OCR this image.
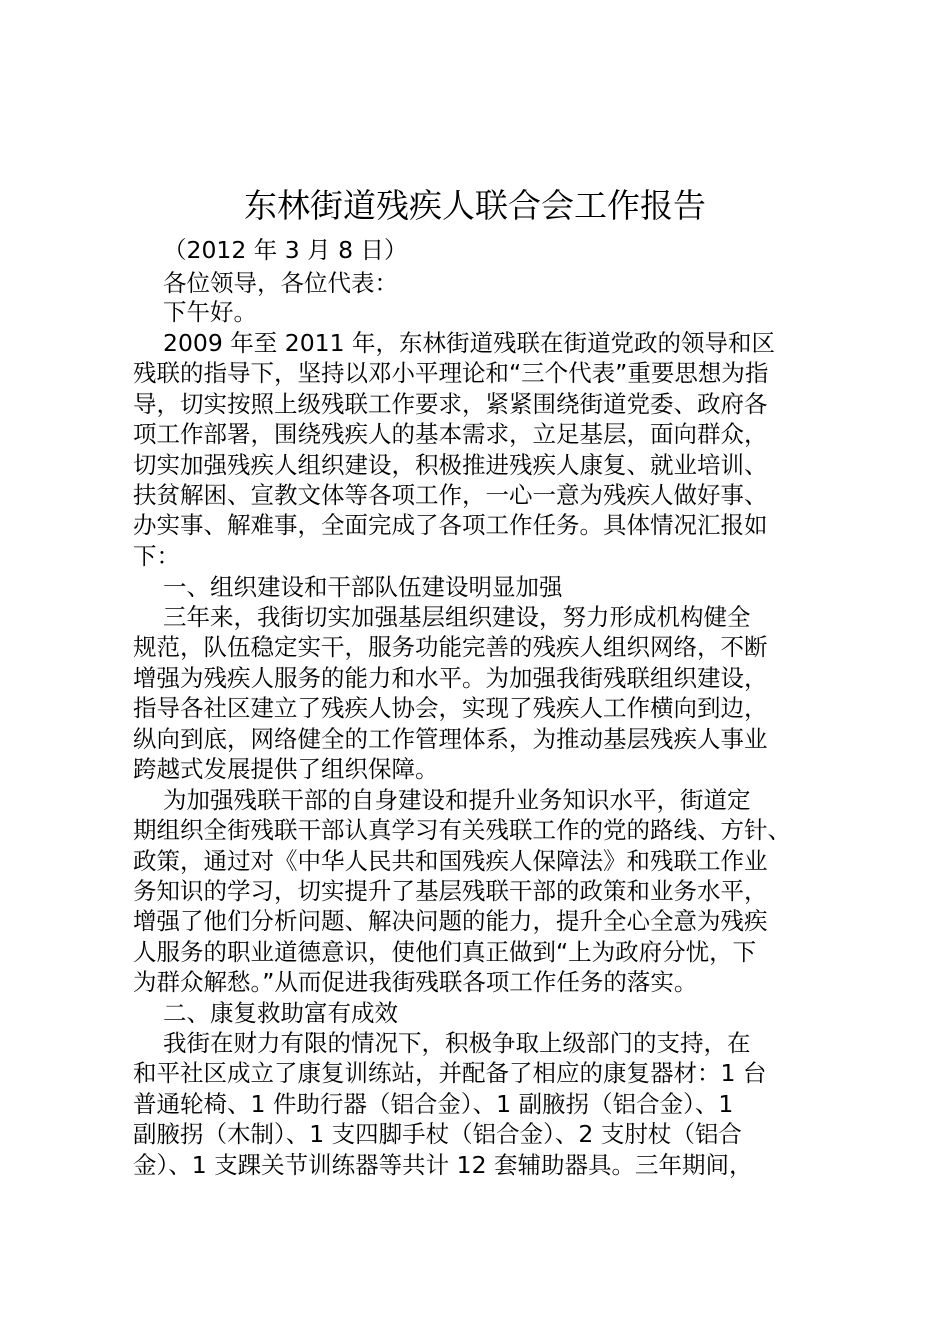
东林街道残疾人联合会工作报告
（2012 年 3 月 8 日）
各位领导，各位代表：
下午好。
2009 年至 2011 年，东林街道残联在街道党政的领导和区
残联的指导下，坚持以邓小平理论和“三个代表”重要思想为指
导，切实按照上级残联工作要求，紧紧围绕街道党委、政府各
项工作部署，围绕残疾人的基本需求，立足基层，面向群众，
切实加强残疾人组织建设，积极推进残疾人康复、就业培训、
扶贫解困、宣教文体等各项工作，一心一意为残疾人做好事、
办实事、解难事，全面完成了各项工作任务。具体情况汇报如
下：
一、组织建设和干部队伍建设明显加强
三年来，我街切实加强基层组织建设，努力形成机构健全
规范，队伍稳定实干，服务功能完善的残疾人组织网络，不断
增强为残疾人服务的能力和水平。为加强我街残联组织建设，
指导各社区建立了残疾人协会，实现了残疾人工作横向到边，
纵向到底，网络健全的工作管理体系，为推动基层残疾人事业
跨越式发展提供了组织保障。
为加强残联干部的自身建设和提升业务知识水平，街道定
期组织全街残联干部认真学习有关残联工作的党的路线、方针、
政策，通过对《中华人民共和国残疾人保障法》和残联工作业
务知识的学习，切实提升了基层残联干部的政策和业务水平，
增强了他们分析问题、解决问题的能力，提升全心全意为残疾
人服务的职业道德意识，使他们真正做到“上为政府分忧，下
为群众解愁。”从而促进我街残联各项工作任务的落实。
二、康复救助富有成效
我街在财力有限的情况下，积极争取上级部门的支持，在
和平社区成立了康复训练站，并配备了相应的康复器材：1 台
普通轮椅、1 件助行器（铝合金）、1 副腋拐（铝合金）、1
副腋拐（木制）、1 支四脚手杖（铝合金）、2 支肘杖（铝合
金）、1 支踝关节训练器等共计 12 套辅助器具。三年期间，
